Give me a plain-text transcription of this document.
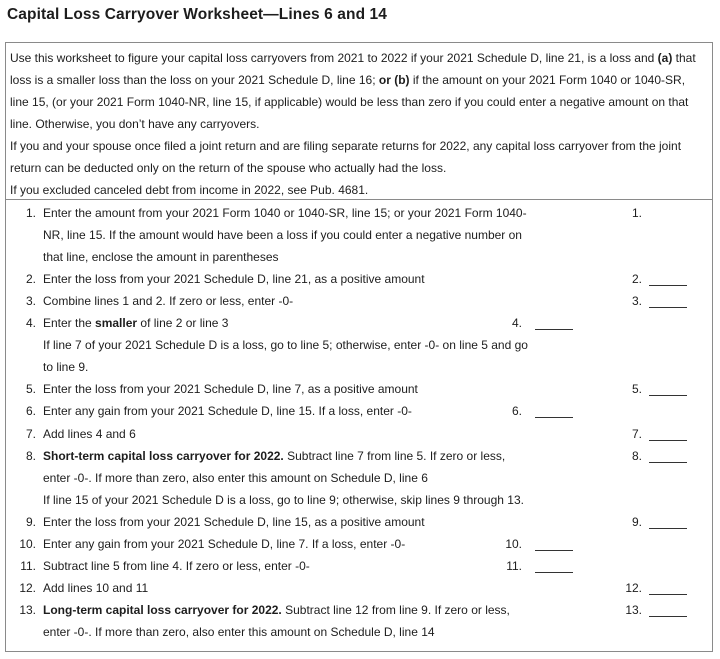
Capital Loss Carryover Worksheet—Lines 6 and 14

Use this worksheet to figure your capital loss carryovers from 2021 to 2022 if your 2021 Schedule D, line 21, is a loss and (a) that loss is a smaller loss than the loss on your 2021 Schedule D, line 16; or (b) if the amount on your 2021 Form 1040 or 1040-SR, line 15, (or your 2021 Form 1040-NR, line 15, if applicable) would be less than zero if you could enter a negative amount on that line. Otherwise, you don’t have any carryovers.

If you and your spouse once filed a joint return and are filing separate returns for 2022, any capital loss carryover from the joint return can be deducted only on the return of the spouse who actually had the loss.

If you excluded canceled debt from income in 2022, see Pub. 4681.

1. Enter the amount from your 2021 Form 1040 or 1040-SR, line 15; or your 2021 Form 1040-
NR, line 15. If the amount would have been a loss if you could enter a negative number on
that line, enclose the amount in parentheses
1.
2. Enter the loss from your 2021 Schedule D, line 21, as a positive amount	2.
3. Combine lines 1 and 2. If zero or less, enter -0-	3.
4. Enter the smaller of line 2 or line 3	4.
If line 7 of your 2021 Schedule D is a loss, go to line 5; otherwise, enter -0- on line 5 and go
to line 9.
5. Enter the loss from your 2021 Schedule D, line 7, as a positive amount	5.
6. Enter any gain from your 2021 Schedule D, line 15. If a loss, enter -0-	6.
7. Add lines 4 and 6	7.
8. Short-term capital loss carryover for 2022. Subtract line 7 from line 5. If zero or less,
enter -0-. If more than zero, also enter this amount on Schedule D, line 6
8.
If line 15 of your 2021 Schedule D is a loss, go to line 9; otherwise, skip lines 9 through 13.
9. Enter the loss from your 2021 Schedule D, line 15, as a positive amount	9.
10. Enter any gain from your 2021 Schedule D, line 7. If a loss, enter -0-	10.
11. Subtract line 5 from line 4. If zero or less, enter -0-	11.
12. Add lines 10 and 11	12.
13. Long-term capital loss carryover for 2022. Subtract line 12 from line 9. If zero or less,
enter -0-. If more than zero, also enter this amount on Schedule D, line 14
13.
